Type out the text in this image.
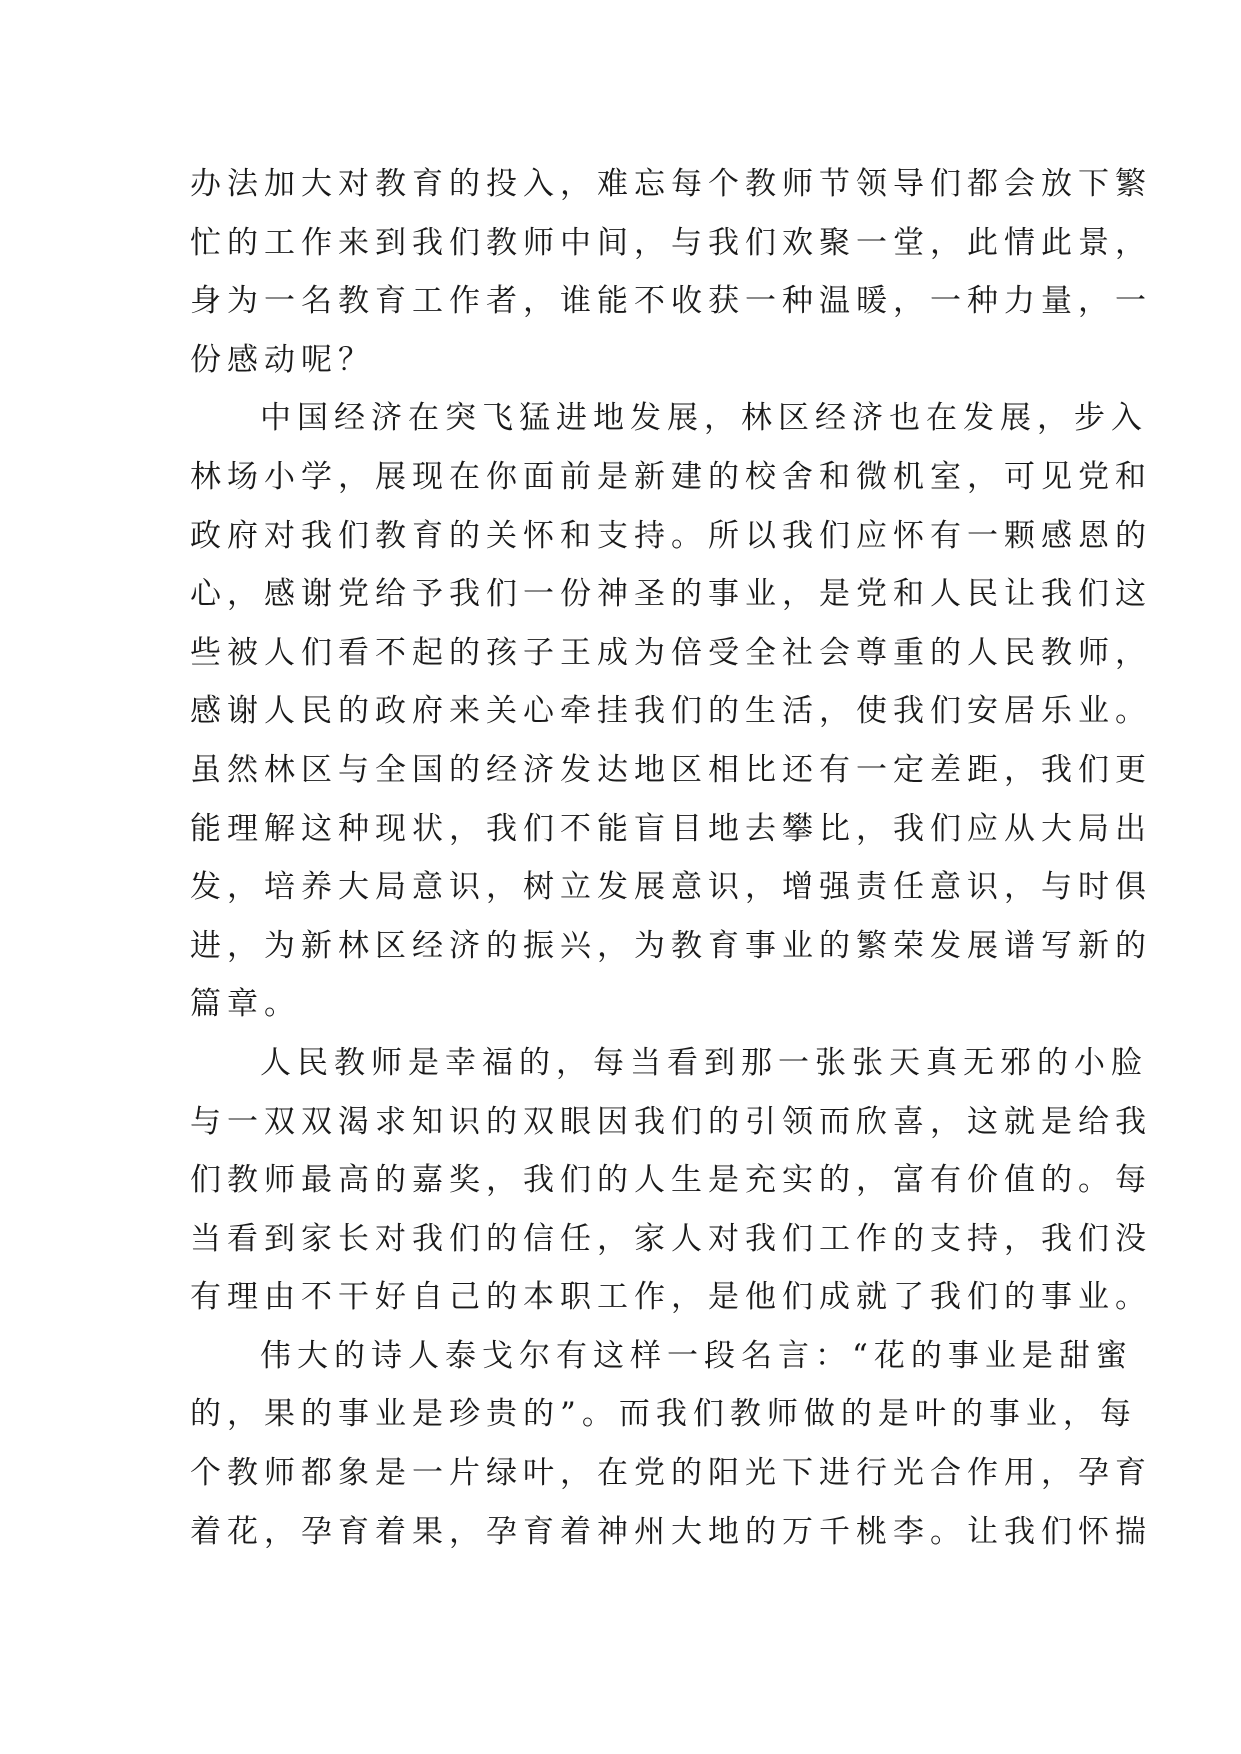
办法加大对教育的投入，难忘每个教师节领导们都会放下繁
忙的工作来到我们教师中间，与我们欢聚一堂，此情此景，
身为一名教育工作者，谁能不收获一种温暖，一种力量，一
份感动呢？
中国经济在突飞猛进地发展，林区经济也在发展，步入
林场小学，展现在你面前是新建的校舍和微机室，可见党和
政府对我们教育的关怀和支持。所以我们应怀有一颗感恩的
心，感谢党给予我们一份神圣的事业，是党和人民让我们这
些被人们看不起的孩子王成为倍受全社会尊重的人民教师，
感谢人民的政府来关心牵挂我们的生活，使我们安居乐业。
虽然林区与全国的经济发达地区相比还有一定差距，我们更
能理解这种现状，我们不能盲目地去攀比，我们应从大局出
发，培养大局意识，树立发展意识，增强责任意识，与时俱
进，为新林区经济的振兴，为教育事业的繁荣发展谱写新的
篇章。
人民教师是幸福的，每当看到那一张张天真无邪的小脸
与一双双渴求知识的双眼因我们的引领而欣喜，这就是给我
们教师最高的嘉奖，我们的人生是充实的，富有价值的。每
当看到家长对我们的信任，家人对我们工作的支持，我们没
有理由不干好自己的本职工作，是他们成就了我们的事业。
伟大的诗人泰戈尔有这样一段名言：“花的事业是甜蜜
的，果的事业是珍贵的”。而我们教师做的是叶的事业，每
个教师都象是一片绿叶，在党的阳光下进行光合作用，孕育
着花，孕育着果，孕育着神州大地的万千桃李。让我们怀揣
